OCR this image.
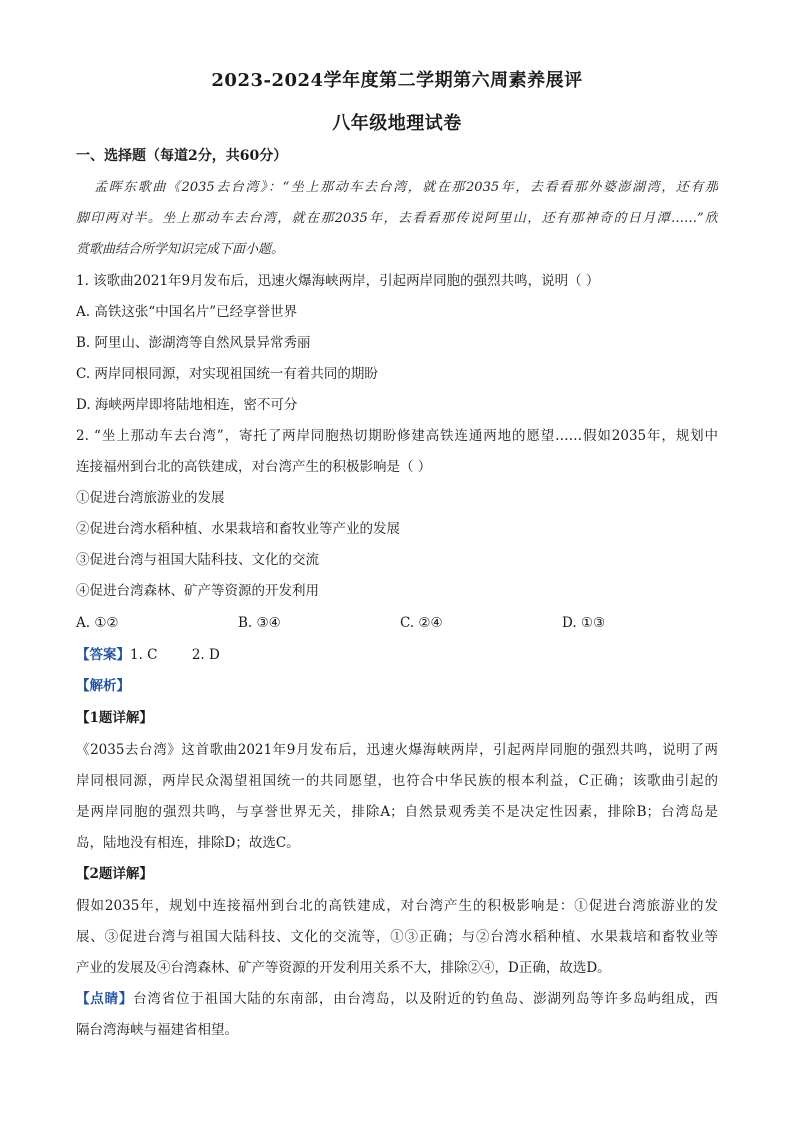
2023-2024学年度第二学期第六周素养展评
八年级地理试卷
一、选择题（每道2分，共60分）
孟晖东歌曲《2035去台湾》：“坐上那动车去台湾，就在那2035年，去看看那外婆澎湖湾，还有那
脚印两对半。坐上那动车去台湾，就在那2035年，去看看那传说阿里山，还有那神奇的日月潭……”欣
赏歌曲结合所学知识完成下面小题。
1. 该歌曲2021年9月发布后，迅速火爆海峡两岸，引起两岸同胞的强烈共鸣，说明（ ）
A. 高铁这张“中国名片”已经享誉世界
B. 阿里山、澎湖湾等自然风景异常秀丽
C. 两岸同根同源，对实现祖国统一有着共同的期盼
D. 海峡两岸即将陆地相连，密不可分
2. “坐上那动车去台湾”，寄托了两岸同胞热切期盼修建高铁连通两地的愿望……假如2035年，规划中
连接福州到台北的高铁建成，对台湾产生的积极影响是（ ）
①促进台湾旅游业的发展
②促进台湾水稻种植、水果栽培和畜牧业等产业的发展
③促进台湾与祖国大陆科技、文化的交流
④促进台湾森林、矿产等资源的开发利用
A. ①②	B. ③④	C. ②④	D. ①③
【答案】1. C        2. D
【解析】
【1题详解】
《2035去台湾》这首歌曲2021年9月发布后，迅速火爆海峡两岸，引起两岸同胞的强烈共鸣，说明了两
岸同根同源，两岸民众渴望祖国统一的共同愿望，也符合中华民族的根本利益，C正确；该歌曲引起的
是两岸同胞的强烈共鸣，与享誉世界无关，排除A；自然景观秀美不是决定性因素，排除B；台湾岛是
岛，陆地没有相连，排除D；故选C。
【2题详解】
假如2035年，规划中连接福州到台北的高铁建成，对台湾产生的积极影响是：①促进台湾旅游业的发
展、③促进台湾与祖国大陆科技、文化的交流等，①③正确；与②台湾水稻种植、水果栽培和畜牧业等
产业的发展及④台湾森林、矿产等资源的开发利用关系不大，排除②④，D正确，故选D。
【点睛】台湾省位于祖国大陆的东南部，由台湾岛，以及附近的钓鱼岛、澎湖列岛等许多岛屿组成，西
隔台湾海峡与福建省相望。
